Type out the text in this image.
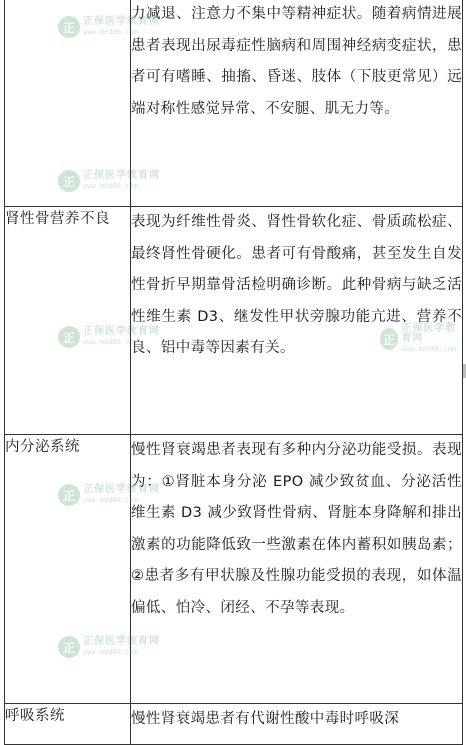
	力减退、注意力不集中等精神症状。随着病情进展患者表现出尿毒症性脑病和周围神经病变症状，患者可有嗜睡、抽搐、昏迷、肢体（下肢更常见）远端对称性感觉异常、不安腿、肌无力等。
肾性骨营养不良	表现为纤维性骨炎、肾性骨软化症、骨质疏松症、最终肾性骨硬化。患者可有骨酸痛，甚至发生自发性骨折早期靠骨活检明确诊断。此种骨病与缺乏活性维生素 D3、继发性甲状旁腺功能亢进、营养不良、铝中毒等因素有关。
内分泌系统	慢性肾衰竭患者表现有多种内分泌功能受损。表现为：①肾脏本身分泌 EPO 减少致贫血、分泌活性维生素 D3 减少致肾性骨病、肾脏本身降解和排出激素的功能降低致一些激素在体内蓄积如胰岛素；②患者多有甲状腺及性腺功能受损的表现，如体温偏低、怕冷、闭经、不孕等表现。
呼吸系统	慢性肾衰竭患者有代谢性酸中毒时呼吸深
正 正保医学教育网
www.med66.com
正 正保医学教育网
www.med66.com
正 正保医学教育网
www.med66.com
正 正保医学教育网
www.med66.com
正 正保医学教育网
www.med66.com
正
正保医学教育网
www.med66.com
